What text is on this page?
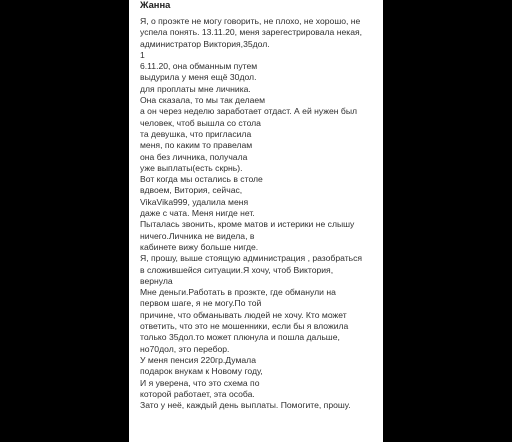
Жанна
Я, о проэкте не могу говорить, не плохо, не хорошо, не
успела понять. 13.11.20, меня зарегестрировала некая,
администратор Виктория,35дол.
1
6.11.20, она обманным путем
выдурила у меня ещё 30дол.
для проплаты мне личника.
Она сказала, то мы так делаем
а он через неделю заработает отдаст. А ей нужен был
человек, чтоб вышла со стола
та девушка, что пригласила
меня, по каким то правелам
она без личника, получала
уже выплаты(есть скрнь).
Вот когда мы остались в столе
вдвоем, Витория, сейчас,
VikaVika999, удалила меня
даже с чата. Меня нигде нет.
Пыталась звонить, кроме матов и истерики не слышу
ничего.Личника не видела, в
кабинете вижу больше нигде.
Я, прошу, выше стоящую администрация , разобраться
в сложившейся ситуации.Я хочу, чтоб Виктория,
вернула
Мне деньги.Работать в проэкте, где обманули на
первом шаге, я не могу.По той
причине, что обманывать людей не хочу. Кто может
ответить, что это не мошенники, если бы я вложила
только 35дол.то может плюнула и пошла дальше,
но70дол, это перебор.
У меня пенсия 220гр.Думала
подарок внукам к Новому году,
И я уверена, что это схема по
которой работает, эта особа.
Зато у неё, каждый день выплаты. Помогите, прошу.
